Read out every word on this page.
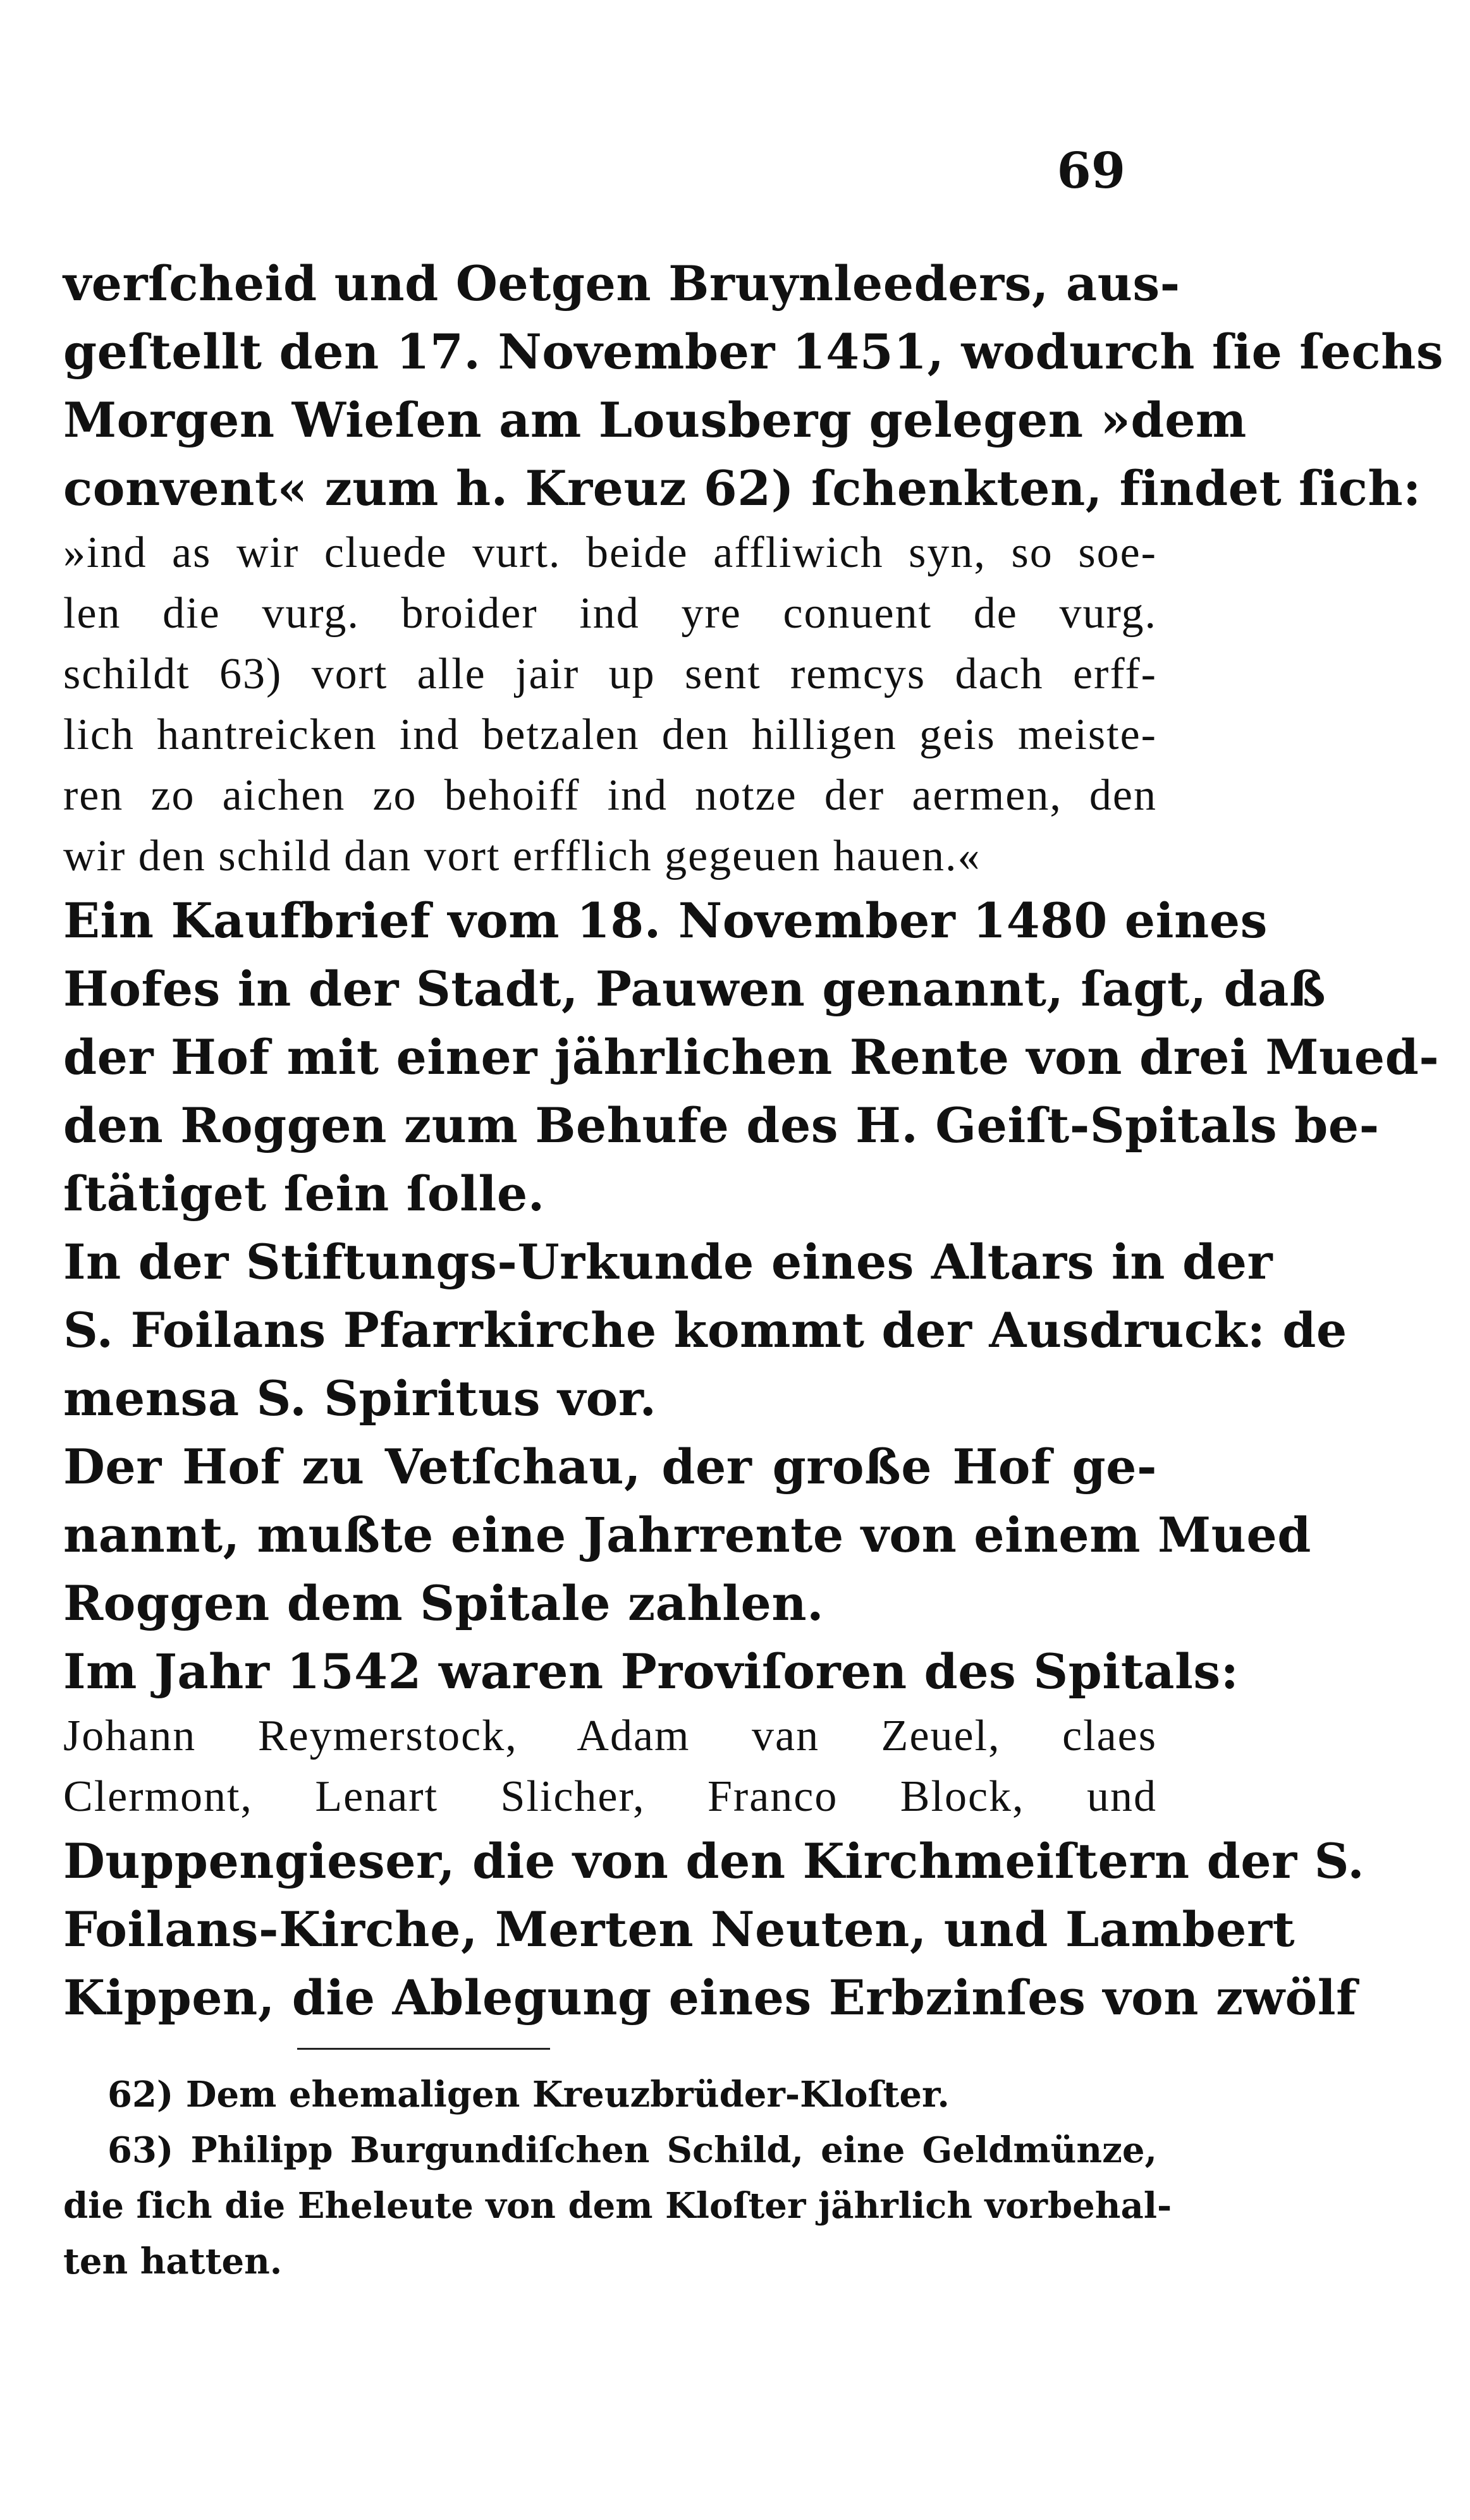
69
verſcheid und Oetgen Bruynleeders, aus‐
geſtellt den 17. November 1451, wodurch ſie ſechs
Morgen Wieſen am Lousberg gelegen »dem
convent« zum h. Kreuz 62) ſchenkten, findet ſich:
»ind as wir cluede vurt. beide affliwich syn, so soe-
len die vurg. broider ind yre conuent de vurg.
schildt 63) vort alle jair up sent remcys dach erff-
lich hantreicken ind betzalen den hilligen geis meiste-
ren zo aichen zo behoiff ind notze der aermen, den
wir den schild dan vort erfflich gegeuen hauen.«
Ein Kaufbrief vom 18. November 1480 eines
Hofes in der Stadt, Pauwen genannt, ſagt, daß
der Hof mit einer jährlichen Rente von drei Mued‐
den Roggen zum Behufe des H. Geiſt‐Spitals be‐
ſtätiget ſein ſolle.
In der Stiftungs‐Urkunde eines Altars in der
S. Foilans Pfarrkirche kommt der Ausdruck: de
mensa S. Spiritus vor.
Der Hof zu Vetſchau, der große Hof ge‐
nannt, mußte eine Jahrrente von einem Mued
Roggen dem Spitale zahlen.
Im Jahr 1542 waren Proviſoren des Spitals:
Johann Reymerstock, Adam van Zeuel, claes
Clermont, Lenart Slicher, Franco Block, und
Duppengieser, die von den Kirchmeiſtern der S.
Foilans‐Kirche, Merten Neuten, und Lambert
Kippen, die Ablegung eines Erbzinſes von zwölf
62) Dem ehemaligen Kreuzbrüder‐Kloſter.
63) Philipp Burgundiſchen Schild, eine Geldmünze,
die ſich die Eheleute von dem Kloſter jährlich vorbehal‐
ten hatten.
